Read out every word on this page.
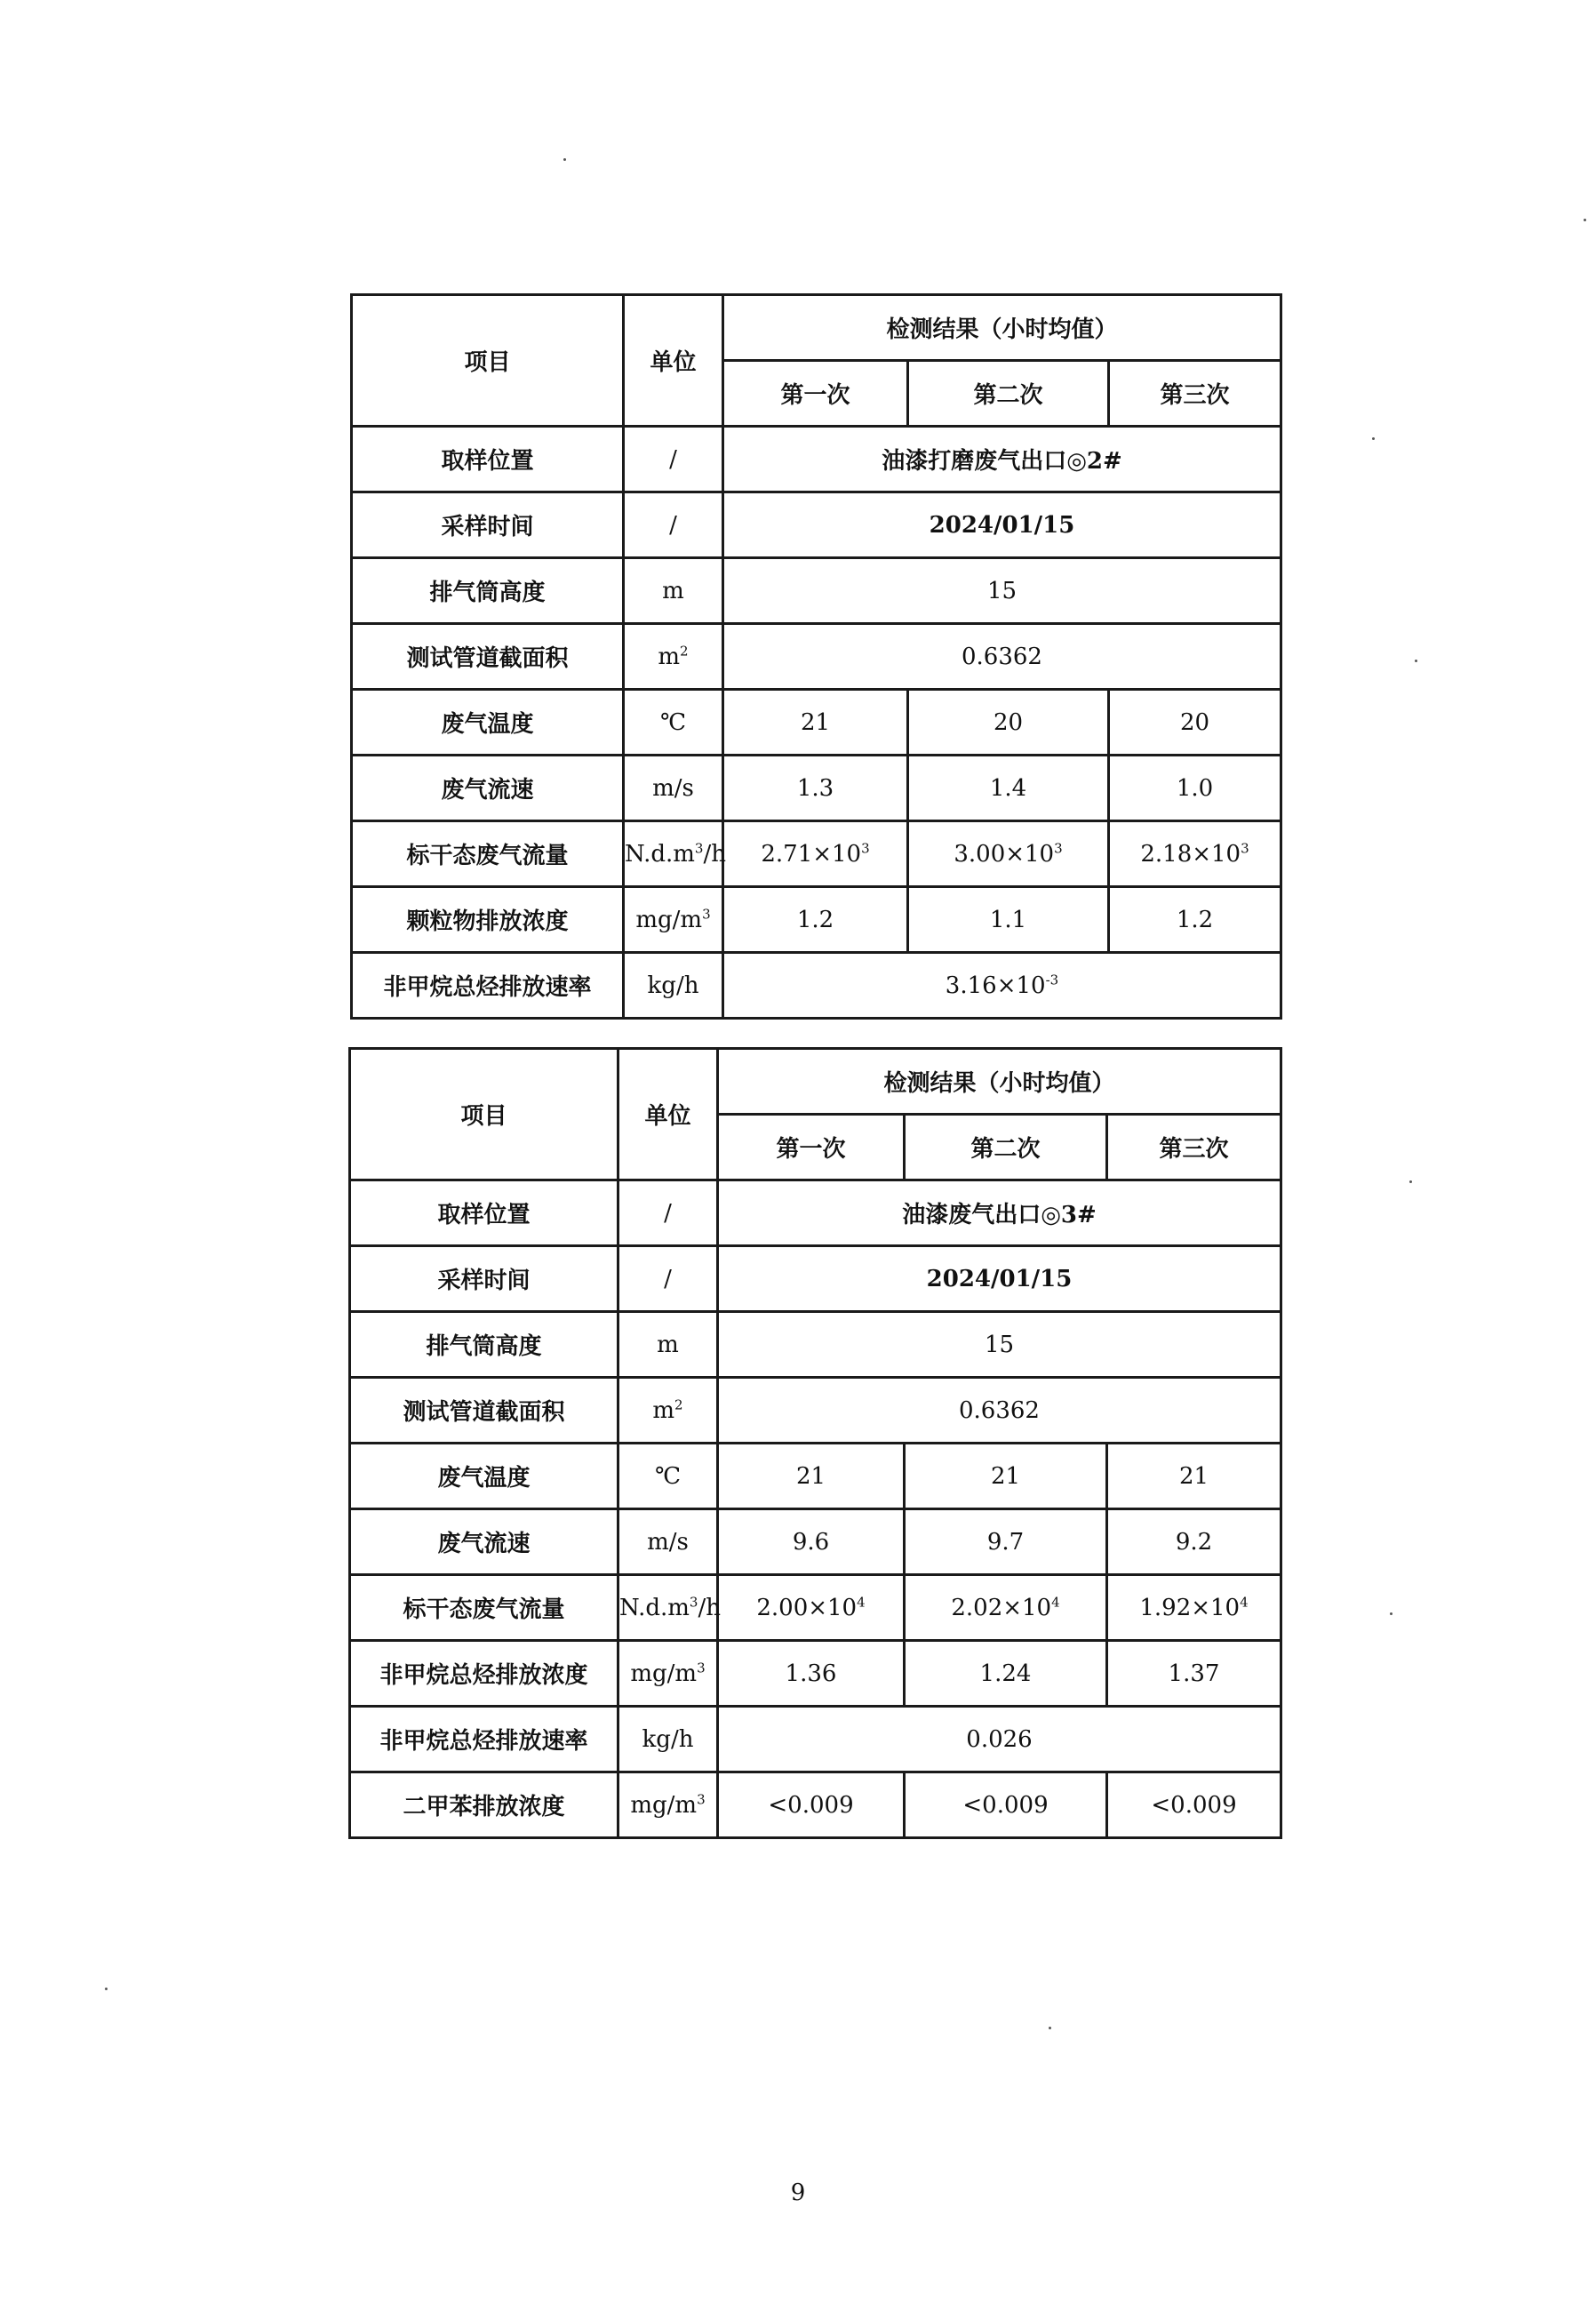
项目	单位	检测结果（小时均值）		
		第一次	第二次	第三次
取样位置	/	油漆打磨废气出口◎2#		
采样时间	/	2024/01/15		
排气筒高度	m	15		
测试管道截面积	$m^2$	0.6362		
废气温度	℃	21	20	20
废气流速	m/s	1.3	1.4	1.0
标干态废气流量	$N.d.m^3/h$	$2.71\times 10^3$	$3.00\times 10^3$	$2.18\times 10^3$
颗粒物排放浓度	$mg/m^3$	1.2	1.1	1.2
非甲烷总烃排放速率	kg/h	$3.16\times 10^{-3}$
项目	单位	检测结果（小时均值）		
		第一次	第二次	第三次
取样位置	/	油漆废气出口◎3#		
采样时间	/	2024/01/15		
排气筒高度	m	15		
测试管道截面积	$m^2$	0.6362		
废气温度	℃	21	21	21
废气流速	m/s	9.6	9.7	9.2
标干态废气流量	$N.d.m^3/h$	$2.00\times 10^4$	$2.02\times 10^4$	$1.92\times 10^4$
非甲烷总烃排放浓度	$mg/m^3$	1.36	1.24	1.37
非甲烷总烃排放速率	kg/h	0.026		
二甲苯排放浓度	$mg/m^3$	<0.009	<0.009	<0.009
9
